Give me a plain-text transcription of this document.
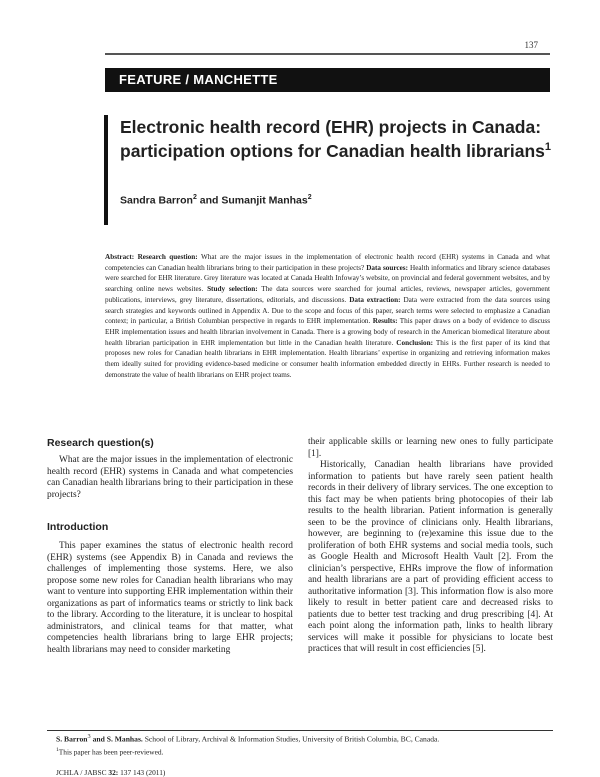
137
FEATURE / MANCHETTE
Electronic health record (EHR) projects in Canada: participation options for Canadian health librarians$^1$
Sandra Barron$^2$ and Sumanjit Manhas$^2$

Abstract: Research question: What are the major issues in the implementation of electronic health record (EHR) systems in Canada and what competencies can Canadian health librarians bring to their participation in these projects? Data sources: Health informatics and library science databases were searched for EHR literature. Grey literature was located at Canada Health Infoway’s website, on provincial and federal government websites, and by searching online news websites. Study selection: The data sources were searched for journal articles, reviews, newspaper articles, government publications, interviews, grey literature, dissertations, editorials, and discussions. Data extraction: Data were extracted from the data sources using search strategies and keywords outlined in Appendix A. Due to the scope and focus of this paper, search terms were selected to emphasize a Canadian context; in particular, a British Columbian perspective in regards to EHR implementation. Results: This paper draws on a body of evidence to discuss EHR implementation issues and health librarian involvement in Canada. There is a growing body of research in the American biomedical literature about health librarian participation in EHR implementation but little in the Canadian health literature. Conclusion: This is the first paper of its kind that proposes new roles for Canadian health librarians in EHR implementation. Health librarians’ expertise in organizing and retrieving information makes them ideally suited for providing evidence-based medicine or consumer health information embedded directly in EHRs. Further research is needed to demonstrate the value of health librarians on EHR project teams.

Research question(s)

What are the major issues in the implementation of electronic health record (EHR) systems in Canada and what competencies can Canadian health librarians bring to their participation in these projects?

Introduction

This paper examines the status of electronic health record (EHR) systems (see Appendix B) in Canada and reviews the challenges of implementing those systems. Here, we also propose some new roles for Canadian health librarians who may want to venture into supporting EHR implementation within their organizations as part of informatics teams or strictly to link back to the library. According to the literature, it is unclear to hospital administrators, and clinical teams for that matter, what competencies health librarians bring to large EHR projects; health librarians may need to consider marketing

their applicable skills or learning new ones to fully participate [1].

Historically, Canadian health librarians have provided information to patients but have rarely seen patient health records in their delivery of library services. The one exception to this fact may be when patients bring photocopies of their lab results to the health librarian. Patient information is generally seen to be the province of clinicians only. Health librarians, however, are beginning to (re)examine this issue due to the proliferation of both EHR systems and social media tools, such as Google Health and Microsoft Health Vault [2]. From the clinician’s perspective, EHRs improve the flow of information and health librarians are a part of providing efficient access to authoritative information [3]. This information flow is also more likely to result in better patient care and decreased risks to patients due to better test tracking and drug prescribing [4]. At each point along the information path, links to health library services will make it possible for physicians to locate best practices that will result in cost efficiencies [5].

S. Barron$^3$ and S. Manhas. School of Library, Archival & Information Studies, University of British Columbia, BC, Canada.
$^1$This paper has been peer-reviewed.
JCHLA / JABSC 32: 137 143 (2011)
